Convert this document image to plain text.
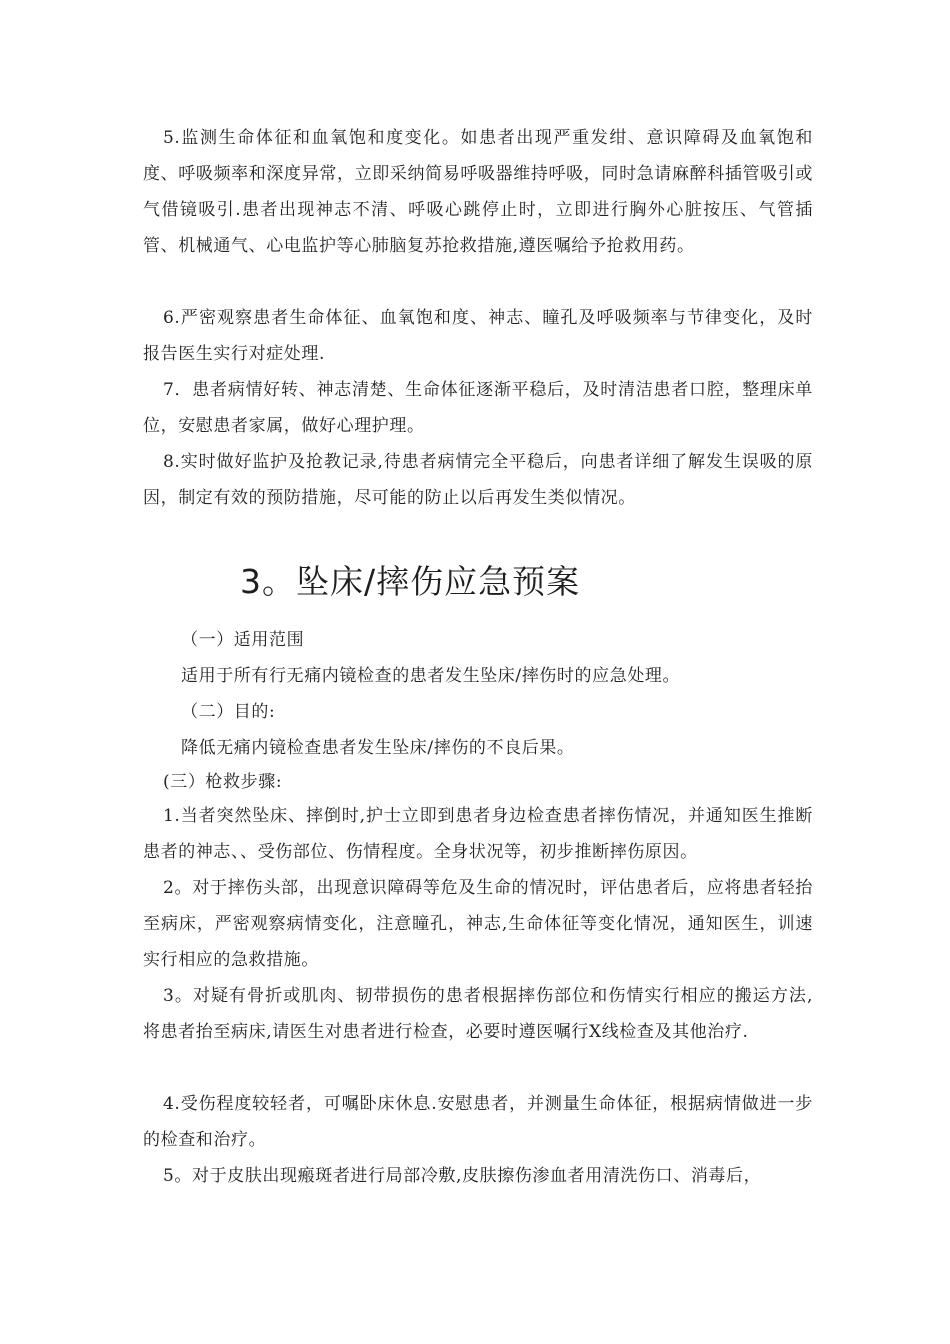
5.监测生命体征和血氧饱和度变化。如患者出现严重发绀、意识障碍及血氧饱和度、呼吸频率和深度异常，立即采纳简易呼吸器维持呼吸，同时急请麻醉科插管吸引或气借镜吸引.患者出现神志不清、呼吸心跳停止时，立即进行胸外心脏按压、气管插管、机械通气、心电监护等心肺脑复苏抢救措施,遵医嘱给予抢救用药。

6.严密观察患者生命体征、血氧饱和度、神志、瞳孔及呼吸频率与节律变化，及时报告医生实行对症处理.

7．患者病情好转、神志清楚、生命体征逐渐平稳后，及时清洁患者口腔，整理床单位，安慰患者家属，做好心理护理。

8.实时做好监护及抢教记录,待患者病情完全平稳后，向患者详细了解发生误吸的原因，制定有效的预防措施，尽可能的防止以后再发生类似情况。

3。坠床/摔伤应急预案

（一）适用范围

适用于所有行无痛内镜检查的患者发生坠床/摔伤时的应急处理。

（二）目的:

降低无痛内镜检查患者发生坠床/摔伤的不良后果。

(三）枪救步骤:

1.当者突然坠床、摔倒时,护士立即到患者身边检查患者摔伤情况，并通知医生推断患者的神志、、受伤部位、伤情程度。全身状况等，初步推断摔伤原因。

2。对于摔伤头部，出现意识障碍等危及生命的情况时，评估患者后，应将患者轻抬至病床，严密观察病情变化，注意瞳孔，神志,生命体征等变化情况，通知医生，训速实行相应的急救措施。

3。对疑有骨折或肌肉、韧带损伤的患者根据摔伤部位和伤情实行相应的搬运方法,将患者抬至病床,请医生对患者进行检查，必要时遵医嘱行X线检查及其他治疗.

4.受伤程度较轻者，可嘱卧床休息.安慰患者，并测量生命体征，根据病情做进一步的检查和治疗。

5。对于皮肤出现瘢斑者进行局部冷敷,皮肤擦伤渗血者用清洗伤口、消毒后，
